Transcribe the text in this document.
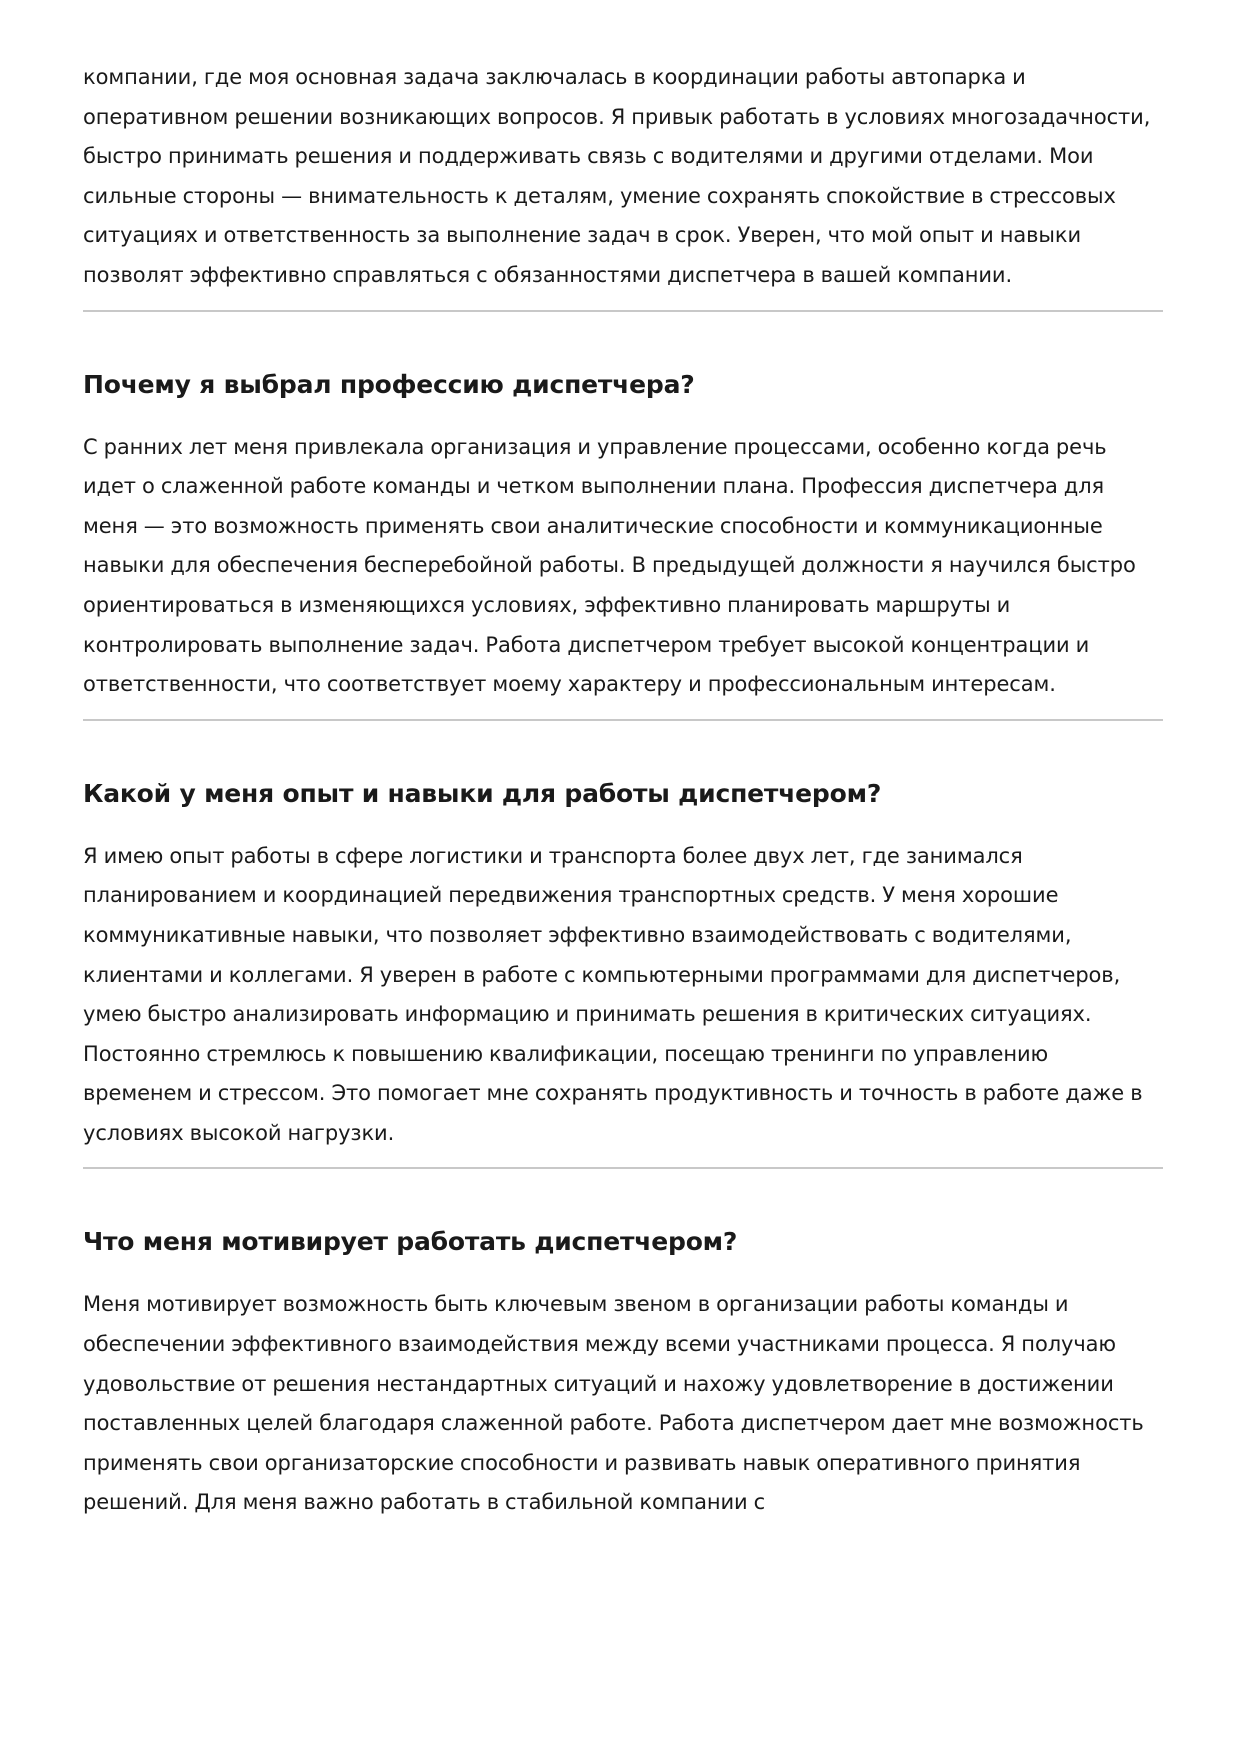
компании, где моя основная задача заключалась в координации работы автопарка и оперативном решении возникающих вопросов. Я привык работать в условиях многозадачности, быстро принимать решения и поддерживать связь с водителями и другими отделами. Мои сильные стороны — внимательность к деталям, умение сохранять спокойствие в стрессовых ситуациях и ответственность за выполнение задач в срок. Уверен, что мой опыт и навыки позволят эффективно справляться с обязанностями диспетчера в вашей компании.

Почему я выбрал профессию диспетчера?

С ранних лет меня привлекала организация и управление процессами, особенно когда речь идет о слаженной работе команды и четком выполнении плана. Профессия диспетчера для меня — это возможность применять свои аналитические способности и коммуникационные навыки для обеспечения бесперебойной работы. В предыдущей должности я научился быстро ориентироваться в изменяющихся условиях, эффективно планировать маршруты и контролировать выполнение задач. Работа диспетчером требует высокой концентрации и ответственности, что соответствует моему характеру и профессиональным интересам.

Какой у меня опыт и навыки для работы диспетчером?

Я имею опыт работы в сфере логистики и транспорта более двух лет, где занимался планированием и координацией передвижения транспортных средств. У меня хорошие коммуникативные навыки, что позволяет эффективно взаимодействовать с водителями, клиентами и коллегами. Я уверен в работе с компьютерными программами для диспетчеров, умею быстро анализировать информацию и принимать решения в критических ситуациях. Постоянно стремлюсь к повышению квалификации, посещаю тренинги по управлению временем и стрессом. Это помогает мне сохранять продуктивность и точность в работе даже в условиях высокой нагрузки.

Что меня мотивирует работать диспетчером?

Меня мотивирует возможность быть ключевым звеном в организации работы команды и обеспечении эффективного взаимодействия между всеми участниками процесса. Я получаю удовольствие от решения нестандартных ситуаций и нахожу удовлетворение в достижении поставленных целей благодаря слаженной работе. Работа диспетчером дает мне возможность применять свои организаторские способности и развивать навык оперативного принятия решений. Для меня важно работать в стабильной компании с
